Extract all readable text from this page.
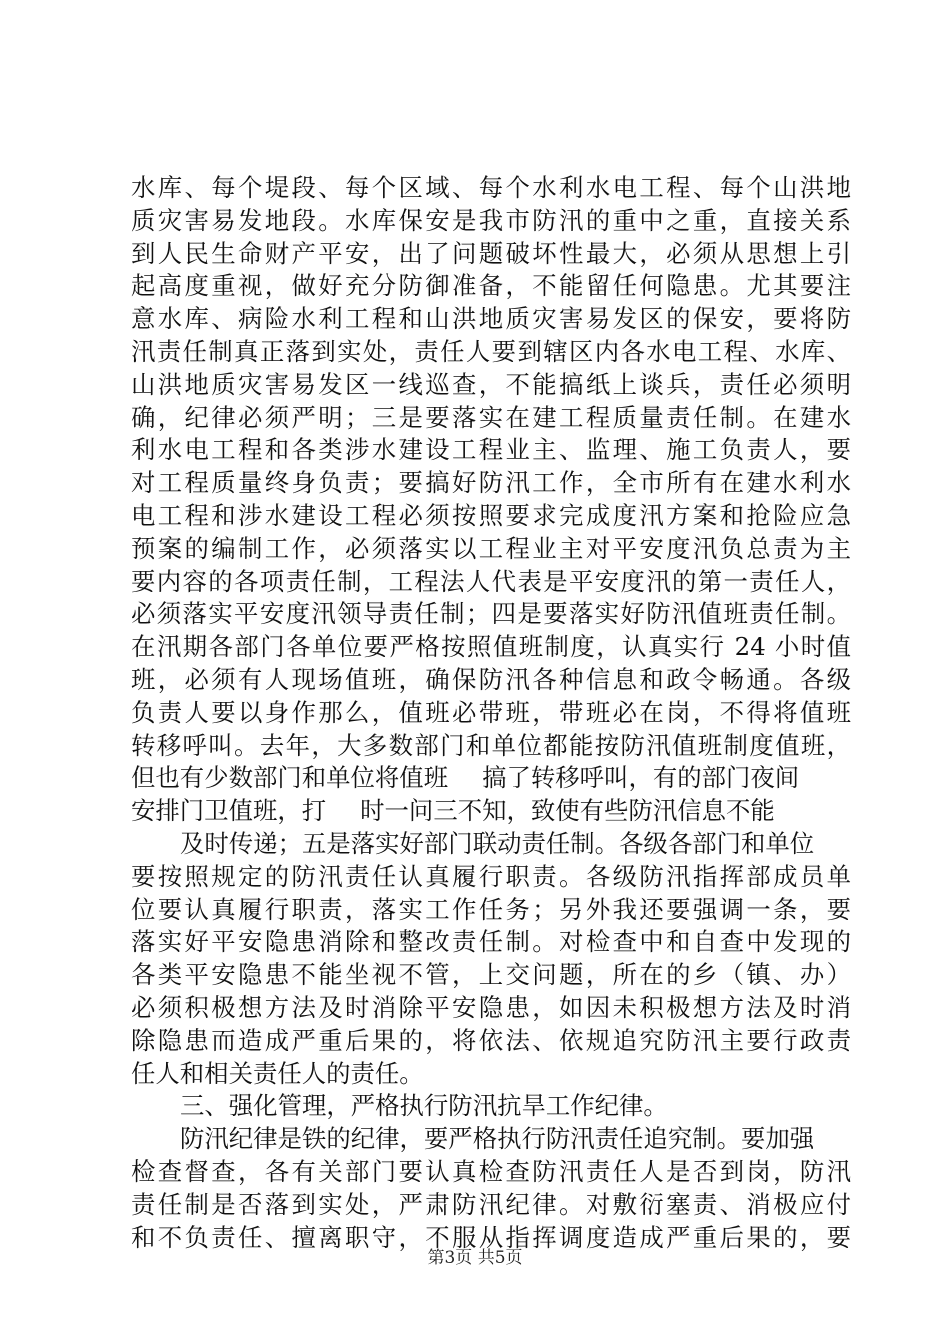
水库、每个堤段、每个区域、每个水利水电工程、每个山洪地
质灾害易发地段。水库保安是我市防汛的重中之重，直接关系
到人民生命财产平安，出了问题破坏性最大，必须从思想上引
起高度重视，做好充分防御准备，不能留任何隐患。尤其要注
意水库、病险水利工程和山洪地质灾害易发区的保安，要将防
汛责任制真正落到实处，责任人要到辖区内各水电工程、水库、
山洪地质灾害易发区一线巡查，不能搞纸上谈兵，责任必须明
确，纪律必须严明；三是要落实在建工程质量责任制。在建水
利水电工程和各类涉水建设工程业主、监理、施工负责人，要
对工程质量终身负责；要搞好防汛工作，全市所有在建水利水
电工程和涉水建设工程必须按照要求完成度汛方案和抢险应急
预案的编制工作，必须落实以工程业主对平安度汛负总责为主
要内容的各项责任制，工程法人代表是平安度汛的第一责任人，
必须落实平安度汛领导责任制；四是要落实好防汛值班责任制。
在汛期各部门各单位要严格按照值班制度，认真实行 24 小时值
班，必须有人现场值班，确保防汛各种信息和政令畅通。各级
负责人要以身作那么，值班必带班，带班必在岗，不得将值班
转移呼叫。去年，大多数部门和单位都能按防汛值班制度值班，
但也有少数部门和单位将值班 搞了转移呼叫，有的部门夜间
安排门卫值班，打 时一问三不知，致使有些防汛信息不能
及时传递；五是落实好部门联动责任制。各级各部门和单位
要按照规定的防汛责任认真履行职责。各级防汛指挥部成员单
位要认真履行职责，落实工作任务；另外我还要强调一条，要
落实好平安隐患消除和整改责任制。对检查中和自查中发现的
各类平安隐患不能坐视不管，上交问题，所在的乡（镇、办）
必须积极想方法及时消除平安隐患，如因未积极想方法及时消
除隐患而造成严重后果的，将依法、依规追究防汛主要行政责
任人和相关责任人的责任。
三、强化管理，严格执行防汛抗旱工作纪律。
防汛纪律是铁的纪律，要严格执行防汛责任追究制。要加强
检查督查，各有关部门要认真检查防汛责任人是否到岗，防汛
责任制是否落到实处，严肃防汛纪律。对敷衍塞责、消极应付
和不负责任、擅离职守，不服从指挥调度造成严重后果的，要
第3页 共5页
